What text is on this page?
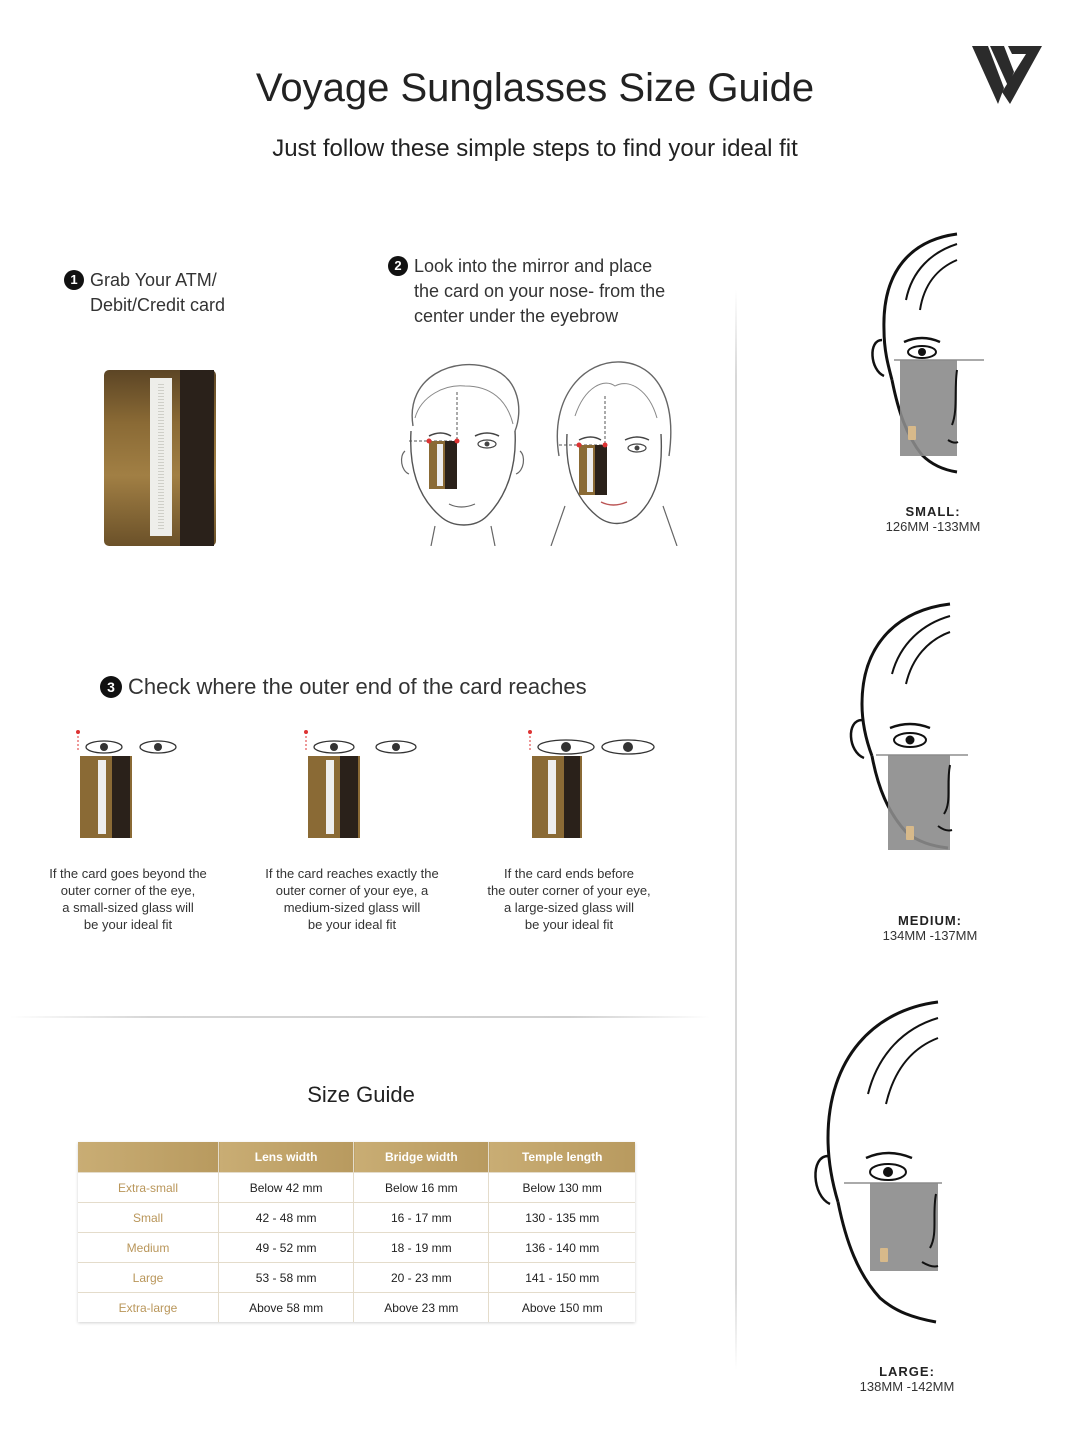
Voyage Sunglasses Size Guide
Just follow these simple steps to find your ideal fit
1 Grab Your ATM/
Debit/Credit card
2 Look into the mirror and place
the card on your nose- from the
center under the eyebrow
3 Check where the outer end of the card reaches
If the card goes beyond the
outer corner of the eye,
a small-sized glass will
be your ideal fit
If the card reaches exactly the
outer corner of your eye, a
medium-sized glass will
be your ideal fit
If the card ends before
the outer corner of your eye,
a large-sized glass will
be your ideal fit
Size Guide
	Lens width	Bridge width	Temple length
Extra-small	Below 42 mm	Below 16 mm	Below 130 mm
Small	42 - 48 mm	16 - 17 mm	130 - 135 mm
Medium	49 - 52 mm	18 - 19 mm	136 - 140 mm
Large	53 - 58 mm	20 - 23 mm	141 - 150 mm
Extra-large	Above 58 mm	Above 23 mm	Above 150 mm
SMALL:
126MM -133MM
MEDIUM:
134MM -137MM
LARGE:
138MM -142MM
